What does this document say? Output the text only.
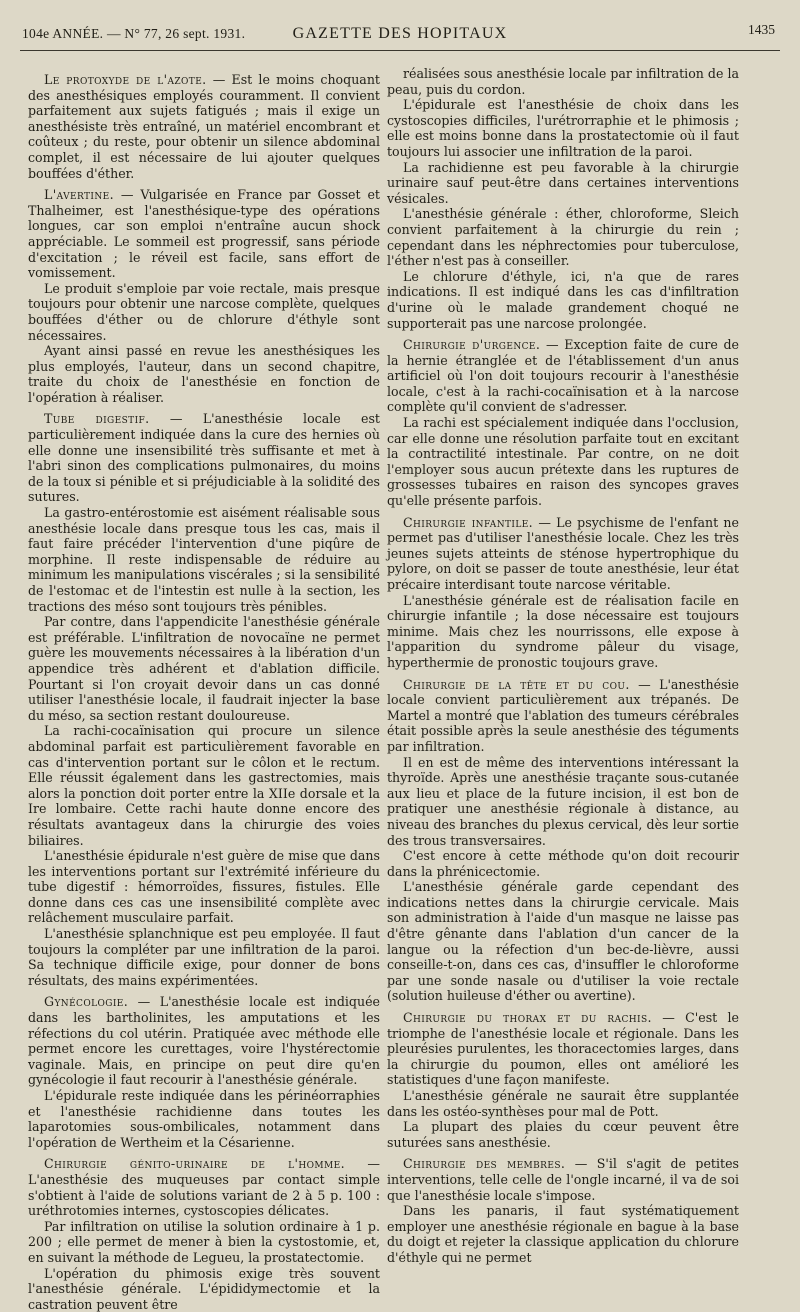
104e ANNÉE. — N° 77, 26 sept. 1931.	GAZETTE DES HOPITAUX	1435

Le protoxyde de l'azote. — Est le moins choquant des anesthésiques employés couramment. Il convient parfaitement aux sujets fatigués ; mais il exige un anesthésiste très entraîné, un matériel encombrant et coûteux ; du reste, pour obtenir un silence abdominal complet, il est nécessaire de lui ajouter quelques bouffées d'éther.

L'avertine. — Vulgarisée en France par Gosset et Thalheimer, est l'anesthésique-type des opérations longues, car son emploi n'entraîne aucun shock appréciable. Le sommeil est progressif, sans période d'excitation ; le réveil est facile, sans effort de vomissement.

Le produit s'emploie par voie rectale, mais presque toujours pour obtenir une narcose complète, quelques bouffées d'éther ou de chlorure d'éthyle sont nécessaires.

Ayant ainsi passé en revue les anesthésiques les plus employés, l'auteur, dans un second chapitre, traite du choix de l'anesthésie en fonction de l'opération à réaliser.

Tube digestif. — L'anesthésie locale est particulièrement indiquée dans la cure des hernies où elle donne une insensibilité très suffisante et met à l'abri sinon des complications pulmonaires, du moins de la toux si pénible et si préjudiciable à la solidité des sutures.

La gastro-entérostomie est aisément réalisable sous anesthésie locale dans presque tous les cas, mais il faut faire précéder l'intervention d'une piqûre de morphine. Il reste indispensable de réduire au minimum les manipulations viscérales ; si la sensibilité de l'estomac et de l'intestin est nulle à la section, les tractions des méso sont toujours très pénibles.

Par contre, dans l'appendicite l'anesthésie générale est préférable. L'infiltration de novocaïne ne permet guère les mouvements nécessaires à la libération d'un appendice très adhérent et d'ablation difficile. Pourtant si l'on croyait devoir dans un cas donné utiliser l'anesthésie locale, il faudrait injecter la base du méso, sa section restant douloureuse.

La rachi-cocaïnisation qui procure un silence abdominal parfait est particulièrement favorable en cas d'intervention portant sur le côlon et le rectum. Elle réussit également dans les gastrectomies, mais alors la ponction doit porter entre la XIIe dorsale et la Ire lombaire. Cette rachi haute donne encore des résultats avantageux dans la chirurgie des voies biliaires.

L'anesthésie épidurale n'est guère de mise que dans les interventions portant sur l'extrémité inférieure du tube digestif : hémorroïdes, fissures, fistules. Elle donne dans ces cas une insensibilité complète avec relâchement musculaire parfait.

L'anesthésie splanchnique est peu employée. Il faut toujours la compléter par une infiltration de la paroi. Sa technique difficile exige, pour donner de bons résultats, des mains expérimentées.

Gynécologie. — L'anesthésie locale est indiquée dans les bartholinites, les amputations et les réfections du col utérin. Pratiquée avec méthode elle permet encore les curettages, voire l'hystérectomie vaginale. Mais, en principe on peut dire qu'en gynécologie il faut recourir à l'anesthésie générale.

L'épidurale reste indiquée dans les périnéorraphies et l'anesthésie rachidienne dans toutes les laparotomies sous-ombilicales, notamment dans l'opération de Wertheim et la Césarienne.

Chirurgie génito-urinaire de l'homme. — L'anesthésie des muqueuses par contact simple s'obtient à l'aide de solutions variant de 2 à 5 p. 100 : uréthrotomies internes, cystoscopies délicates.

Par infiltration on utilise la solution ordinaire à 1 p. 200 ; elle permet de mener à bien la cystostomie, et, en suivant la méthode de Legueu, la prostatectomie.

L'opération du phimosis exige très souvent l'anesthésie générale. L'épididymectomie et la castration peuvent être

réalisées sous anesthésie locale par infiltration de la peau, puis du cordon.

L'épidurale est l'anesthésie de choix dans les cystoscopies difficiles, l'urétrorraphie et le phimosis ; elle est moins bonne dans la prostatectomie où il faut toujours lui associer une infiltration de la paroi.

La rachidienne est peu favorable à la chirurgie urinaire sauf peut-être dans certaines interventions vésicales.

L'anesthésie générale : éther, chloroforme, Sleich convient parfaitement à la chirurgie du rein ; cependant dans les néphrectomies pour tuberculose, l'éther n'est pas à conseiller.

Le chlorure d'éthyle, ici, n'a que de rares indications. Il est indiqué dans les cas d'infiltration d'urine où le malade grandement choqué ne supporterait pas une narcose prolongée.

Chirurgie d'urgence. — Exception faite de cure de la hernie étranglée et de l'établissement d'un anus artificiel où l'on doit toujours recourir à l'anesthésie locale, c'est à la rachi-cocaïnisation et à la narcose complète qu'il convient de s'adresser.

La rachi est spécialement indiquée dans l'occlusion, car elle donne une résolution parfaite tout en excitant la contractilité intestinale. Par contre, on ne doit l'employer sous aucun prétexte dans les ruptures de grossesses tubaires en raison des syncopes graves qu'elle présente parfois.

Chirurgie infantile. — Le psychisme de l'enfant ne permet pas d'utiliser l'anesthésie locale. Chez les très jeunes sujets atteints de sténose hypertrophique du pylore, on doit se passer de toute anesthésie, leur état précaire interdisant toute narcose véritable.

L'anesthésie générale est de réalisation facile en chirurgie infantile ; la dose nécessaire est toujours minime. Mais chez les nourrissons, elle expose à l'apparition du syndrome pâleur du visage, hyperthermie de pronostic toujours grave.

Chirurgie de la tête et du cou. — L'anesthésie locale convient particulièrement aux trépanés. De Martel a montré que l'ablation des tumeurs cérébrales était possible après la seule anesthésie des téguments par infiltration.

Il en est de même des interventions intéressant la thyroïde. Après une anesthésie traçante sous-cutanée aux lieu et place de la future incision, il est bon de pratiquer une anesthésie régionale à distance, au niveau des branches du plexus cervical, dès leur sortie des trous transversaires.

C'est encore à cette méthode qu'on doit recourir dans la phrénicectomie.

L'anesthésie générale garde cependant des indications nettes dans la chirurgie cervicale. Mais son administration à l'aide d'un masque ne laisse pas d'être gênante dans l'ablation d'un cancer de la langue ou la réfection d'un bec-de-lièvre, aussi conseille-t-on, dans ces cas, d'insuffler le chloroforme par une sonde nasale ou d'utiliser la voie rectale (solution huileuse d'éther ou avertine).

Chirurgie du thorax et du rachis. — C'est le triomphe de l'anesthésie locale et régionale. Dans les pleurésies purulentes, les thoracectomies larges, dans la chirurgie du poumon, elles ont amélioré les statistiques d'une façon manifeste.

L'anesthésie générale ne saurait être supplantée dans les ostéo-synthèses pour mal de Pott.

La plupart des plaies du cœur peuvent être suturées sans anesthésie.

Chirurgie des membres. — S'il s'agit de petites interventions, telle celle de l'ongle incarné, il va de soi que l'anesthésie locale s'impose.

Dans les panaris, il faut systématiquement employer une anesthésie régionale en bague à la base du doigt et rejeter la classique application du chlorure d'éthyle qui ne permet
